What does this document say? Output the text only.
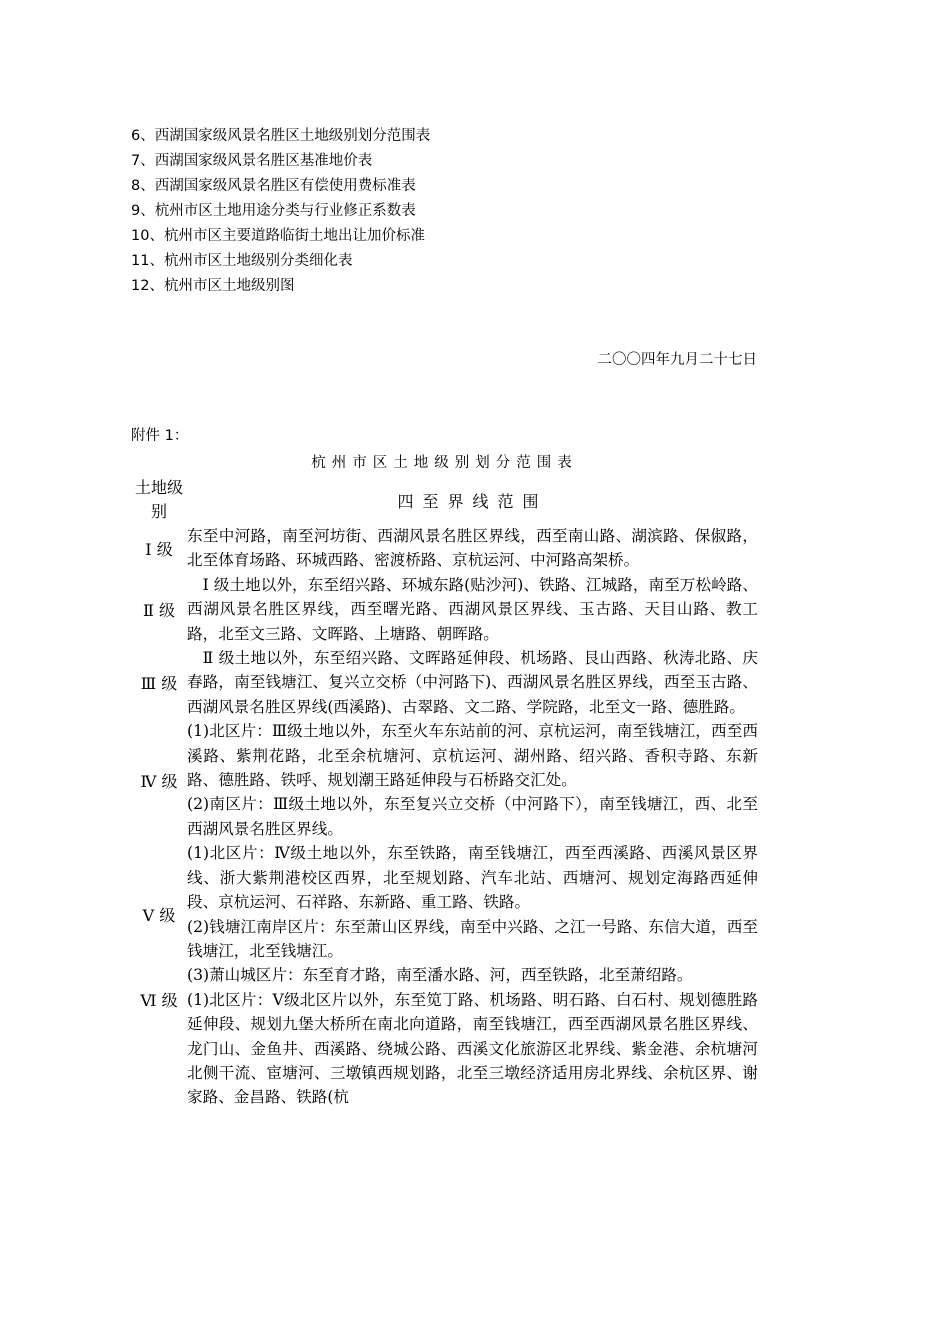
6、西湖国家级风景名胜区土地级别划分范围表
7、西湖国家级风景名胜区基准地价表
8、西湖国家级风景名胜区有偿使用费标准表
9、杭州市区土地用途分类与行业修正系数表
10、杭州市区主要道路临街土地出让加价标准
11、杭州市区土地级别分类细化表
12、杭州市区土地级别图
二〇〇四年九月二十七日
附件 1：
杭州市区土地级别划分范围表
土地级别	四至界线范围
Ⅰ 级	东至中河路，南至河坊街、西湖风景名胜区界线，西至南山路、湖滨路、保俶路，北至体育场路、环城西路、密渡桥路、京杭运河、中河路高架桥。

Ⅱ 级	Ⅰ 级土地以外，东至绍兴路、环城东路(贴沙河)、铁路、江城路，南至万松岭路、西湖风景名胜区界线，西至曙光路、西湖风景区界线、玉古路、天目山路、教工路，北至文三路、文晖路、上塘路、朝晖路。

Ⅲ 级	Ⅱ 级土地以外，东至绍兴路、文晖路延伸段、机场路、艮山西路、秋涛北路、庆春路，南至钱塘江、复兴立交桥（中河路下)、西湖风景名胜区界线，西至玉古路、西湖风景名胜区界线(西溪路)、古翠路、文二路、学院路，北至文一路、德胜路。

Ⅳ 级	(1)北区片：Ⅲ级土地以外，东至火车东站前的河、京杭运河，南至钱塘江，西至西溪路、紫荆花路，北至余杭塘河、京杭运河、湖州路、绍兴路、香积寺路、东新路、德胜路、铁呼、规划潮王路延伸段与石桥路交汇处。

(2)南区片：Ⅲ级土地以外，东至复兴立交桥（中河路下），南至钱塘江，西、北至西湖风景名胜区界线。

Ⅴ 级	(1)北区片：Ⅳ级土地以外，东至铁路，南至钱塘江，西至西溪路、西溪风景区界线、浙大紫荆港校区西界，北至规划路、汽车北站、西塘河、规划定海路西延伸段、京杭运河、石祥路、东新路、重工路、铁路。

(2)钱塘江南岸区片：东至萧山区界线，南至中兴路、之江一号路、东信大道，西至钱塘江，北至钱塘江。

(3)萧山城区片：东至育才路，南至潘水路、河，西至铁路，北至萧绍路。

Ⅵ 级	(1)北区片：Ⅴ级北区片以外，东至笕丁路、机场路、明石路、白石村、规划德胜路延伸段、规划九堡大桥所在南北向道路，南至钱塘江，西至西湖风景名胜区界线、龙门山、金鱼井、西溪路、绕城公路、西溪文化旅游区北界线、紫金港、余杭塘河北侧干流、宦塘河、三墩镇西规划路，北至三墩经济适用房北界线、余杭区界、谢家路、金昌路、铁路(杭
